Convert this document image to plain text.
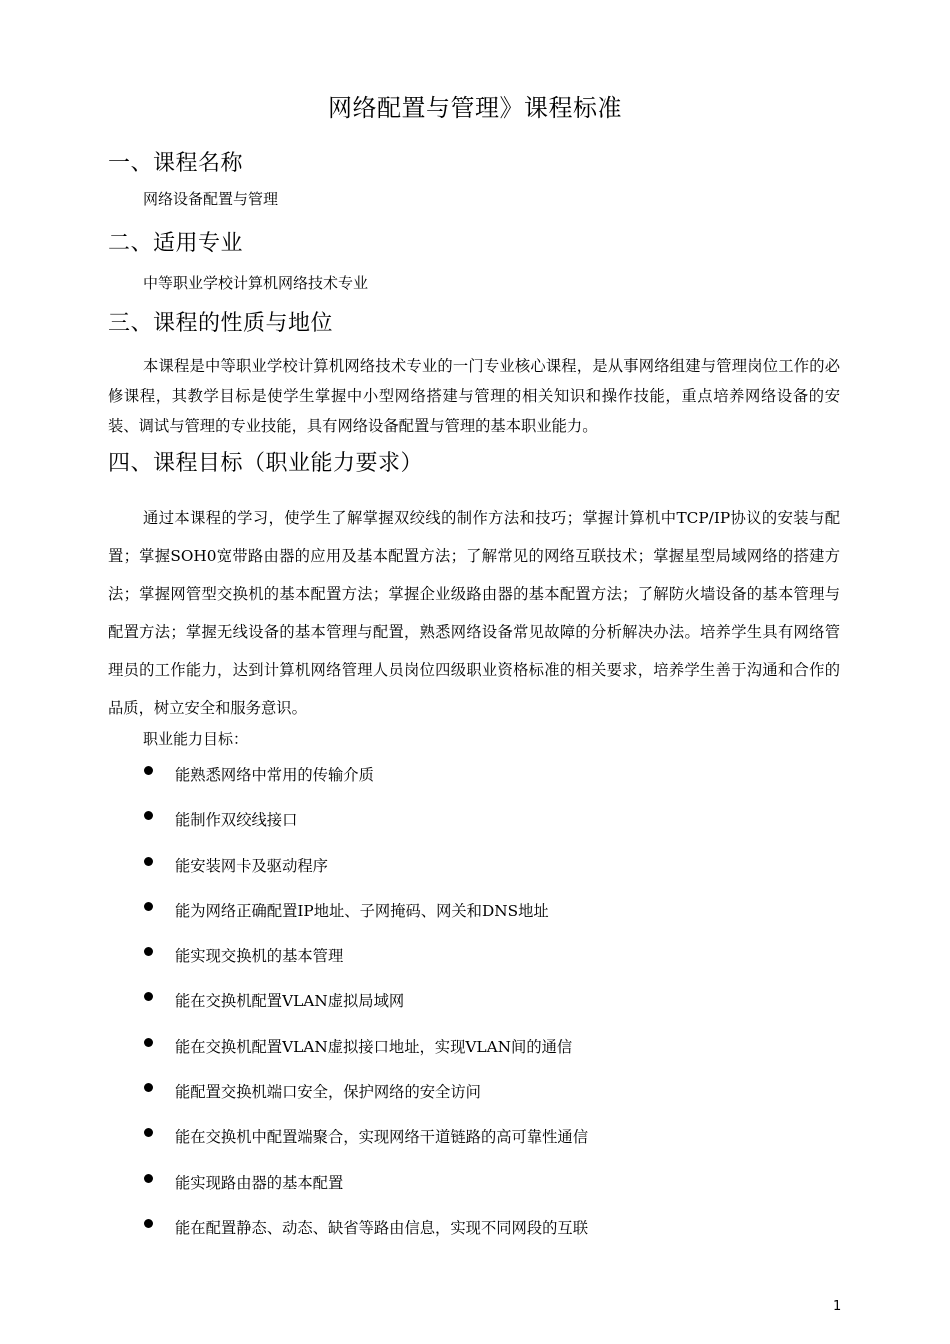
网络配置与管理》课程标准
一、课程名称
网络设备配置与管理
二、适用专业
中等职业学校计算机网络技术专业
三、课程的性质与地位

本课程是中等职业学校计算机网络技术专业的一门专业核心课程，是从事网络组建与管理岗位工作的必修课程，其教学目标是使学生掌握中小型网络搭建与管理的相关知识和操作技能，重点培养网络设备的安装、调试与管理的专业技能，具有网络设备配置与管理的基本职业能力。

四、课程目标（职业能力要求）

通过本课程的学习，使学生了解掌握双绞线的制作方法和技巧；掌握计算机中TCP/IP协议的安装与配置；掌握SOH0宽带路由器的应用及基本配置方法；了解常见的网络互联技术；掌握星型局域网络的搭建方法；掌握网管型交换机的基本配置方法；掌握企业级路由器的基本配置方法；了解防火墙设备的基本管理与配置方法；掌握无线设备的基本管理与配置，熟悉网络设备常见故障的分析解决办法。培养学生具有网络管理员的工作能力，达到计算机网络管理人员岗位四级职业资格标准的相关要求，培养学生善于沟通和合作的品质，树立安全和服务意识。

职业能力目标：
能熟悉网络中常用的传输介质
能制作双绞线接口
能安装网卡及驱动程序
能为网络正确配置IP地址、子网掩码、网关和DNS地址
能实现交换机的基本管理
能在交换机配置VLAN虚拟局域网
能在交换机配置VLAN虚拟接口地址，实现VLAN间的通信
能配置交换机端口安全，保护网络的安全访问
能在交换机中配置端聚合，实现网络干道链路的高可靠性通信
能实现路由器的基本配置
能在配置静态、动态、缺省等路由信息，实现不同网段的互联
1
